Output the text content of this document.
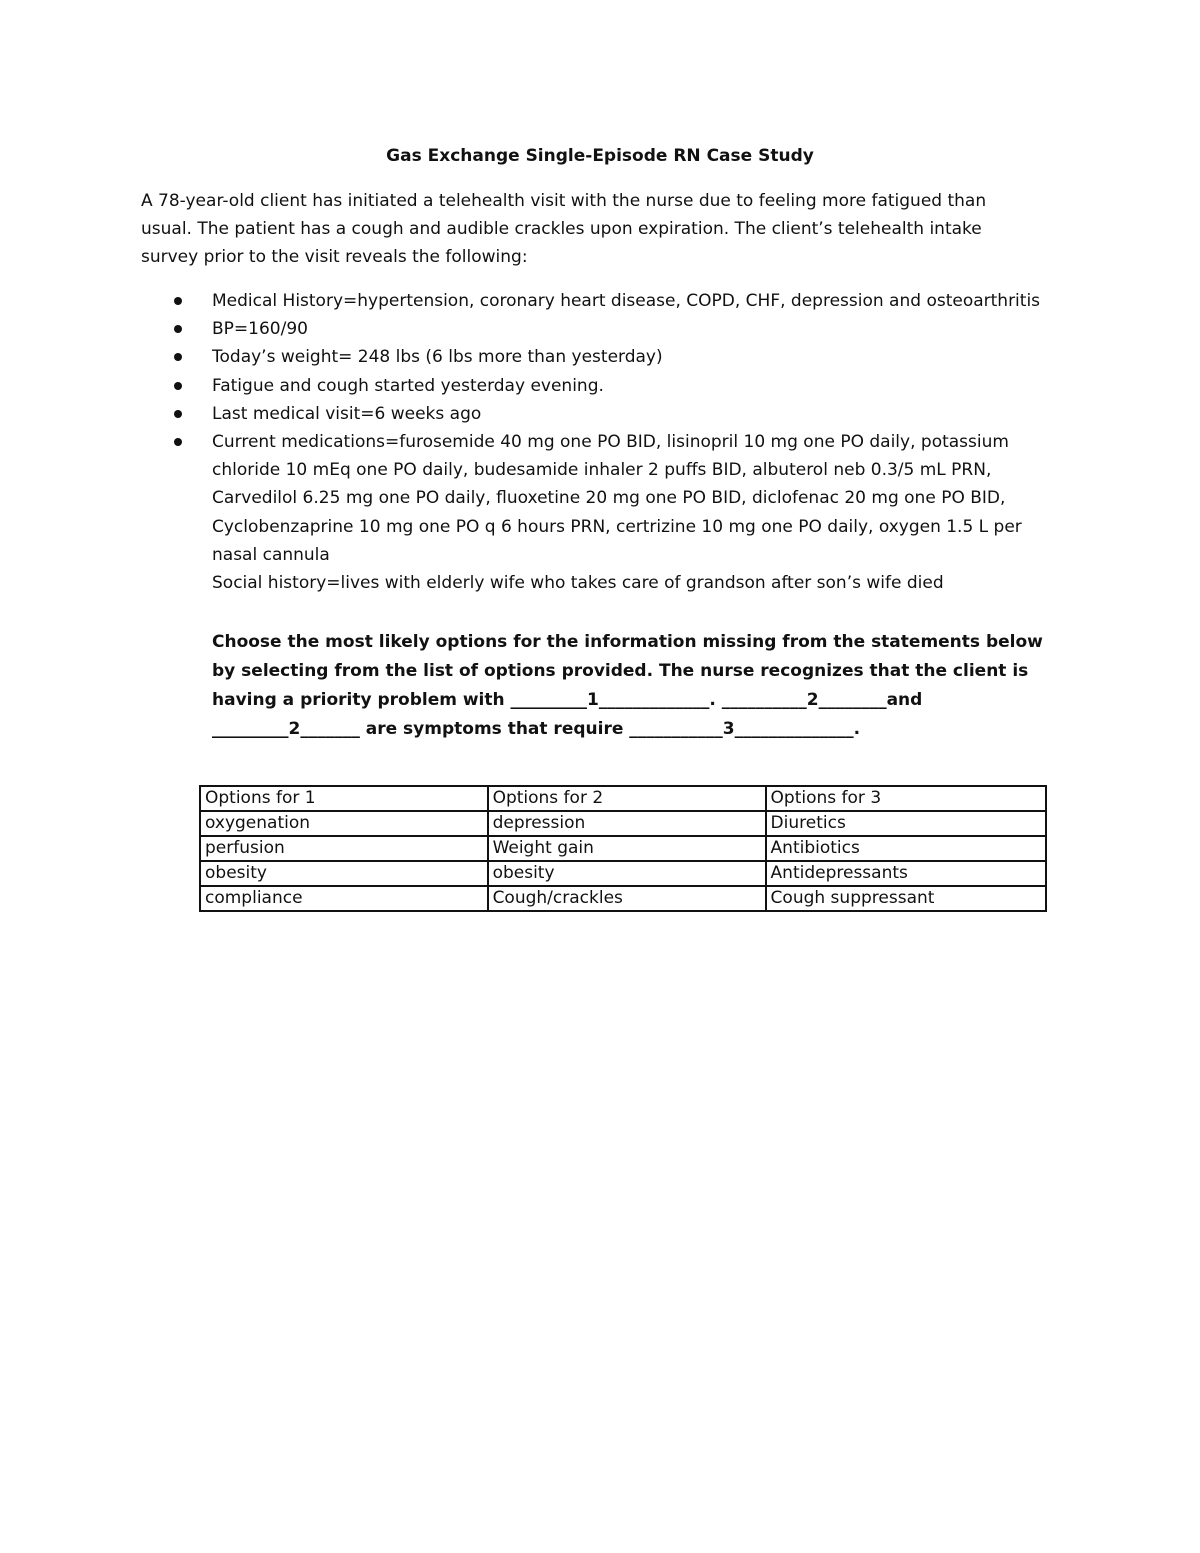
Gas Exchange Single-Episode RN Case Study

A 78-year-old client has initiated a telehealth visit with the nurse due to feeling more fatigued than usual. The patient has a cough and audible crackles upon expiration. The client’s telehealth intake survey prior to the visit reveals the following:

Medical History=hypertension, coronary heart disease, COPD, CHF, depression and osteoarthritis
BP=160/90
Today’s weight= 248 lbs (6 lbs more than yesterday)
Fatigue and cough started yesterday evening.
Last medical visit=6 weeks ago
Current medications=furosemide 40 mg one PO BID, lisinopril 10 mg one PO daily, potassium chloride 10 mEq one PO daily, budesamide inhaler 2 puffs BID, albuterol neb 0.3/5 mL PRN, Carvedilol 6.25 mg one PO daily, fluoxetine 20 mg one PO BID, diclofenac 20 mg one PO BID, Cyclobenzaprine 10 mg one PO q 6 hours PRN, certrizine 10 mg one PO daily, oxygen 1.5 L per nasal cannula
Social history=lives with elderly wife who takes care of grandson after son’s wife died

Choose the most likely options for the information missing from the statements below by selecting from the list of options provided. The nurse recognizes that the client is having a priority problem with _________1_____________. __________2________and _________2_______ are symptoms that require ___________3______________.

Options for 1	Options for 2	Options for 3
oxygenation	depression	Diuretics
perfusion	Weight gain	Antibiotics
obesity	obesity	Antidepressants
compliance	Cough/crackles	Cough suppressant
